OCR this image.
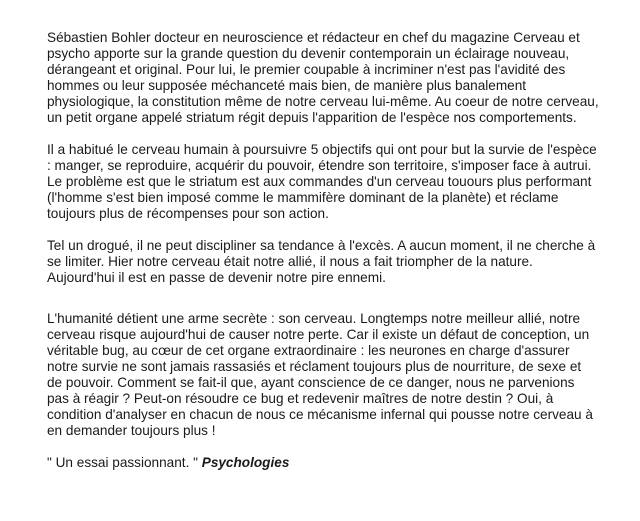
Sébastien Bohler docteur en neuroscience et rédacteur en chef du magazine Cerveau et
psycho apporte sur la grande question du devenir contemporain un éclairage nouveau,
dérangeant et original. Pour lui, le premier coupable à incriminer n'est pas l'avidité des
hommes ou leur supposée méchanceté mais bien, de manière plus banalement
physiologique, la constitution même de notre cerveau lui-même. Au coeur de notre cerveau,
un petit organe appelé striatum régit depuis l'apparition de l'espèce nos comportements.

Il a habitué le cerveau humain à poursuivre 5 objectifs qui ont pour but la survie de l'espèce
: manger, se reproduire, acquérir du pouvoir, étendre son territoire, s'imposer face à autrui.
Le problème est que le striatum est aux commandes d'un cerveau touours plus performant
(l'homme s'est bien imposé comme le mammifère dominant de la planète) et réclame
toujours plus de récompenses pour son action.

Tel un drogué, il ne peut discipliner sa tendance à l'excès. A aucun moment, il ne cherche à
se limiter. Hier notre cerveau était notre allié, il nous a fait triompher de la nature.
Aujourd'hui il est en passe de devenir notre pire ennemi.

L'humanité détient une arme secrète : son cerveau. Longtemps notre meilleur allié, notre
cerveau risque aujourd'hui de causer notre perte. Car il existe un défaut de conception, un
véritable bug, au cœur de cet organe extraordinaire : les neurones en charge d'assurer
notre survie ne sont jamais rassasiés et réclament toujours plus de nourriture, de sexe et
de pouvoir. Comment se fait-il que, ayant conscience de ce danger, nous ne parvenions
pas à réagir ? Peut-on résoudre ce bug et redevenir maîtres de notre destin ? Oui, à
condition d'analyser en chacun de nous ce mécanisme infernal qui pousse notre cerveau à
en demander toujours plus !

" Un essai passionnant. " Psychologies
